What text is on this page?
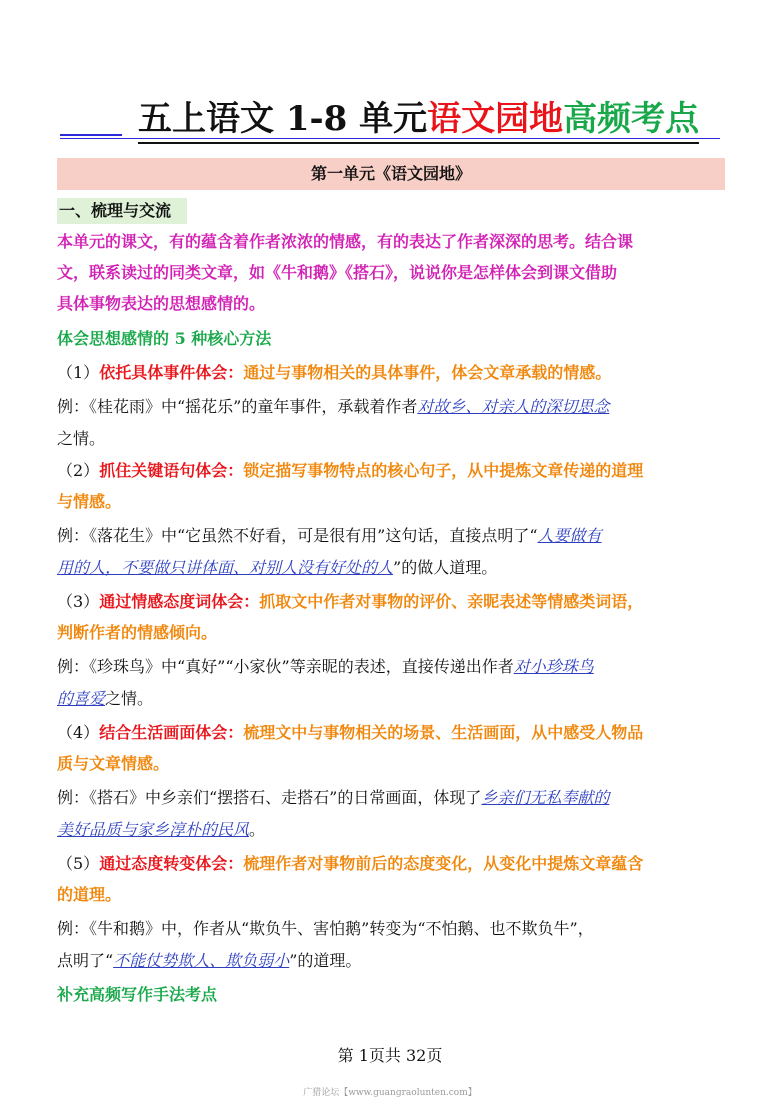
五上语文 1-8 单元语文园地高频考点
第一单元《语文园地》
一、梳理与交流
本单元的课文，有的蕴含着作者浓浓的情感，有的表达了作者深深的思考。结合课
文，联系读过的同类文章，如《牛和鹅》《搭石》，说说你是怎样体会到课文借助
具体事物表达的思想感情的。
体会思想感情的 5 种核心方法
（1）依托具体事件体会：通过与事物相关的具体事件，体会文章承载的情感。
例：《桂花雨》中“摇花乐”的童年事件，承载着作者对故乡、对亲人的深切思念
之情。
（2）抓住关键语句体会：锁定描写事物特点的核心句子，从中提炼文章传递的道理
与情感。
例：《落花生》中“它虽然不好看，可是很有用”这句话，直接点明了“人要做有
用的人，不要做只讲体面、对别人没有好处的人”的做人道理。
（3）通过情感态度词体会：抓取文中作者对事物的评价、亲昵表述等情感类词语，
判断作者的情感倾向。
例：《珍珠鸟》中“真好”“小家伙”等亲昵的表述，直接传递出作者对小珍珠鸟
的喜爱之情。
（4）结合生活画面体会：梳理文中与事物相关的场景、生活画面，从中感受人物品
质与文章情感。
例：《搭石》中乡亲们“摆搭石、走搭石”的日常画面，体现了乡亲们无私奉献的
美好品质与家乡淳朴的民风。
（5）通过态度转变体会：梳理作者对事物前后的态度变化，从变化中提炼文章蕴含
的道理。
例：《牛和鹅》中，作者从“欺负牛、害怕鹅”转变为“不怕鹅、也不欺负牛”，
点明了“不能仗势欺人、欺负弱小”的道理。
补充高频写作手法考点
第 1页共 32页
广猎论坛【www.guangraolunten.com】
